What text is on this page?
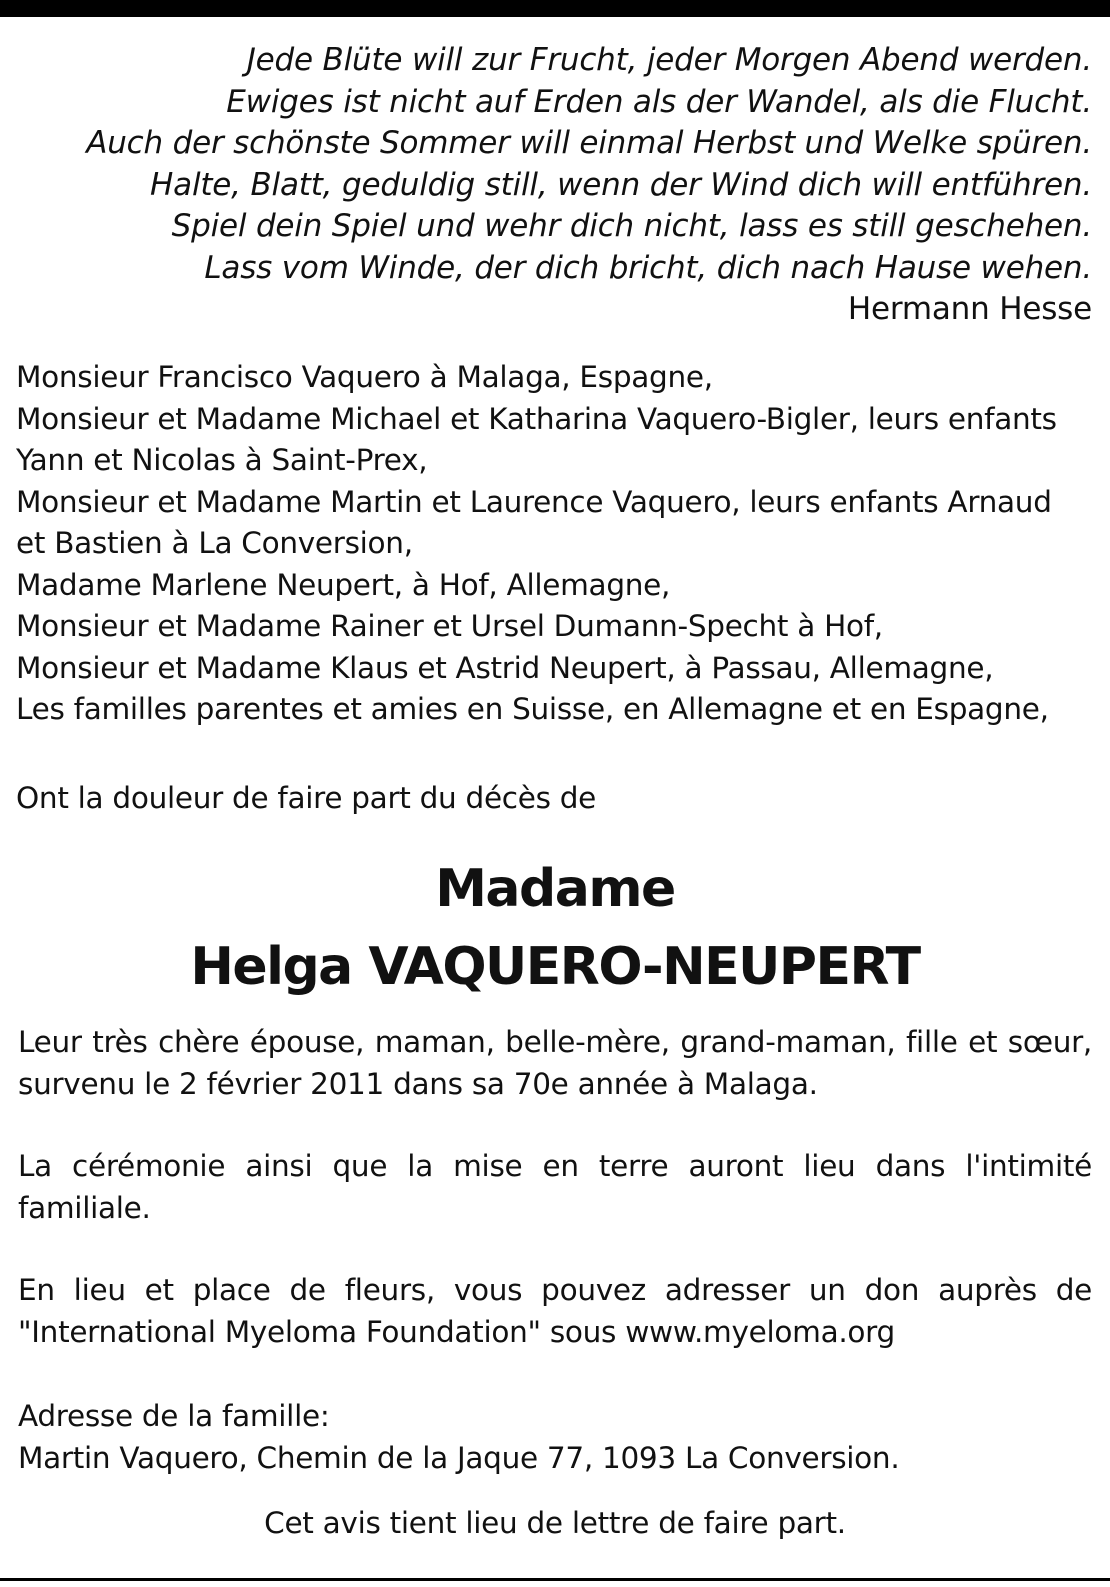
Jede Blüte will zur Frucht, jeder Morgen Abend werden.
Ewiges ist nicht auf Erden als der Wandel, als die Flucht.
Auch der schönste Sommer will einmal Herbst und Welke spüren.
Halte, Blatt, geduldig still, wenn der Wind dich will entführen.
Spiel dein Spiel und wehr dich nicht, lass es still geschehen.
Lass vom Winde, der dich bricht, dich nach Hause wehen.
Hermann Hesse
Monsieur Francisco Vaquero à Malaga, Espagne,
Monsieur et Madame Michael et Katharina Vaquero-Bigler, leurs enfants
Yann et Nicolas à Saint-Prex,
Monsieur et Madame Martin et Laurence Vaquero, leurs enfants Arnaud
et Bastien à La Conversion,
Madame Marlene Neupert, à Hof, Allemagne,
Monsieur et Madame Rainer et Ursel Dumann-Specht à Hof,
Monsieur et Madame Klaus et Astrid Neupert, à Passau, Allemagne,
Les familles parentes et amies en Suisse, en Allemagne et en Espagne,
Ont la douleur de faire part du décès de
Madame
Helga VAQUERO-NEUPERT
Leur très chère épouse, maman, belle-mère, grand-maman, fille et sœur, survenu le 2 février 2011 dans sa 70e année à Malaga.
La cérémonie ainsi que la mise en terre auront lieu dans l'intimité familiale.
En lieu et place de fleurs, vous pouvez adresser un don auprès de "International Myeloma Foundation" sous www.myeloma.org
Adresse de la famille:
Martin Vaquero, Chemin de la Jaque 77, 1093 La Conversion.
Cet avis tient lieu de lettre de faire part.
